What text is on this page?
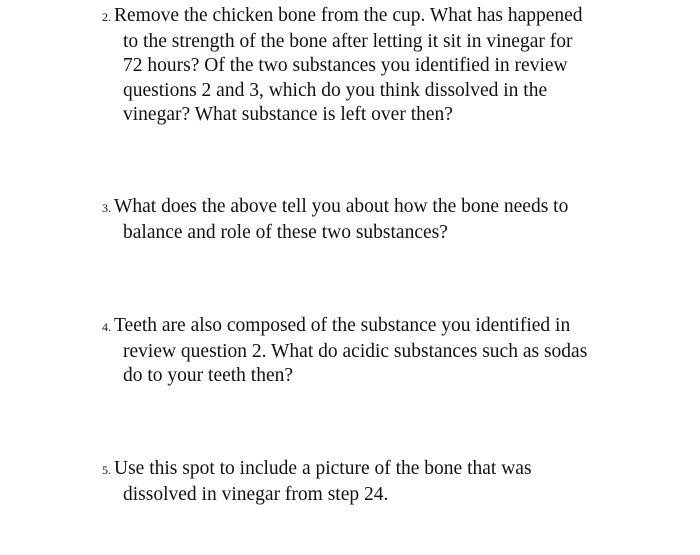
2. Remove the chicken bone from the cup. What has happened
to the strength of the bone after letting it sit in vinegar for
72 hours? Of the two substances you identified in review
questions 2 and 3, which do you think dissolved in the
vinegar? What substance is left over then?
3. What does the above tell you about how the bone needs to
balance and role of these two substances?
4. Teeth are also composed of the substance you identified in
review question 2. What do acidic substances such as sodas
do to your teeth then?
5. Use this spot to include a picture of the bone that was
dissolved in vinegar from step 24.
